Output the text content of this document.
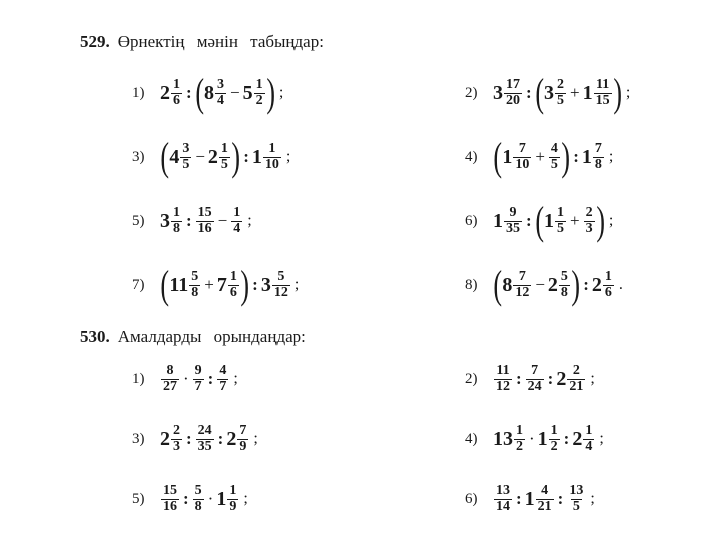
529. Өрнектің мәнін табыңдар:
1) $2 \frac{1}{6}$ : ( $8 \frac{3}{4} - 5 \frac{1}{2}$ ) ;	2) $3 \frac{17}{20}$ : ( $3 \frac{2}{5} + 1 \frac{11}{15}$ ) ;
3) ( $4 \frac{3}{5} - 2 \frac{1}{5}$ ) : $1 \frac{1}{10}$ ;	4) ( $1 \frac{7}{10} + \frac{4}{5}$ ) : $1 \frac{7}{8}$ ;
5) $3 \frac{1}{8}$ : $\frac{15}{16} - \frac{1}{4}$ ;	6) $1 \frac{9}{35}$ : ( $1 \frac{1}{5} + \frac{2}{3}$ ) ;
7) ( $11 \frac{5}{8} + 7 \frac{1}{6}$ ) : $3 \frac{5}{12}$ ;	8) ( $8 \frac{7}{12} - 2 \frac{5}{8}$ ) : $2 \frac{1}{6}$ .
530. Амалдарды орындаңдар:
1)	$\frac{8}{27} \cdot \frac{9}{7}$ : $\frac{4}{7}$ ;	2)	$\frac{11}{12}$ : $\frac{7}{24}$ : $2 \frac{2}{21}$ ;
3) $2 \frac{2}{3}$ : $\frac{24}{35}$ : $2 \frac{7}{9}$ ;	4) $13 \frac{1}{2} \cdot 1 \frac{1}{2}$ : $2 \frac{1}{4}$ ;
5)	$\frac{15}{16}$ : $\frac{5}{8} \cdot 1 \frac{1}{9}$ ;	6)	$\frac{13}{14}$ : $1 \frac{4}{21}$ : $\frac{13}{5}$ ;
